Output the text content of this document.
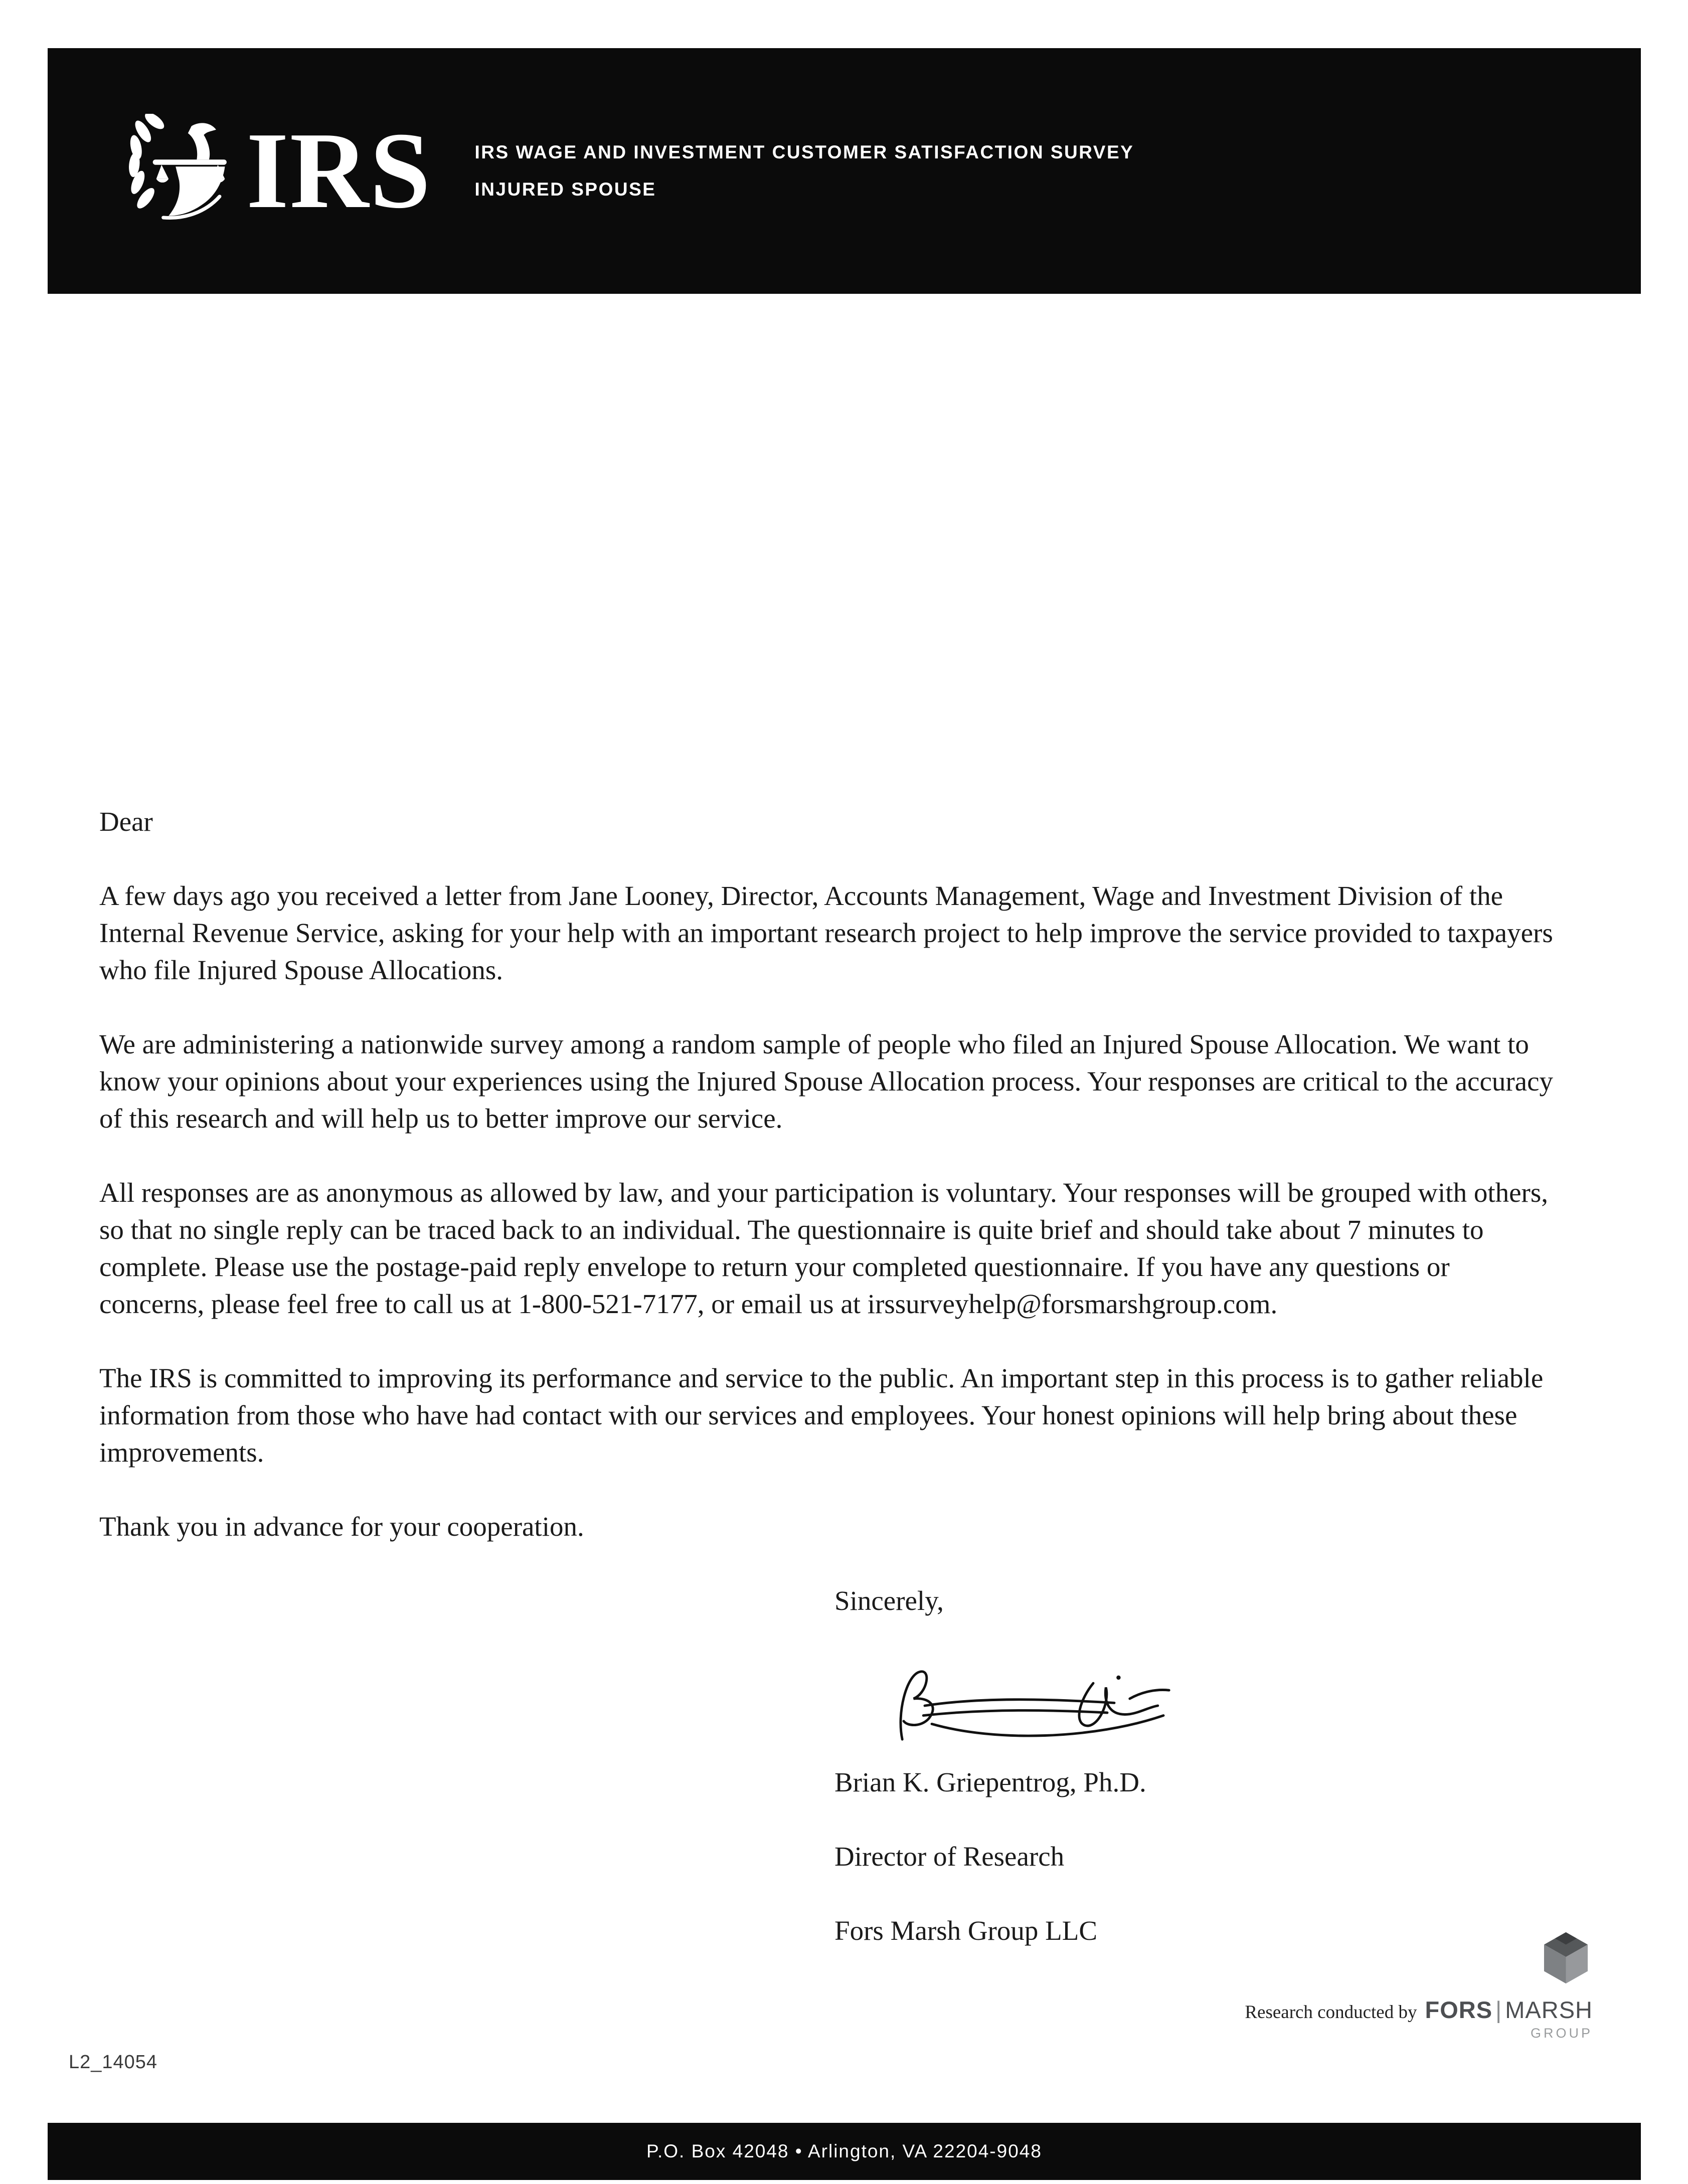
IRS IRS WAGE AND INVESTMENT CUSTOMER SATISFACTION SURVEY
INJURED SPOUSE

Dear

A few days ago you received a letter from Jane Looney, Director, Accounts Management, Wage and Investment Division of the Internal Revenue Service, asking for your help with an important research project to help improve the service provided to taxpayers who file Injured Spouse Allocations.

We are administering a nationwide survey among a random sample of people who filed an Injured Spouse Allocation. We want to know your opinions about your experiences using the Injured Spouse Allocation process. Your responses are critical to the accuracy of this research and will help us to better improve our service.

All responses are as anonymous as allowed by law, and your participation is voluntary. Your responses will be grouped with others, so that no single reply can be traced back to an individual. The questionnaire is quite brief and should take about 7 minutes to complete. Please use the postage-paid reply envelope to return your completed questionnaire. If you have any questions or concerns, please feel free to call us at 1-800-521-7177, or email us at irssurveyhelp@forsmarshgroup.com.

The IRS is committed to improving its performance and service to the public. An important step in this process is to gather reliable information from those who have had contact with our services and employees. Your honest opinions will help bring about these improvements.

Thank you in advance for your cooperation.

Sincerely,

Brian K. Griepentrog, Ph.D.

Director of Research

Fors Marsh Group LLC

Research conducted by FORS | MARSH
GROUP
L2_14054
P.O. Box 42048 • Arlington, VA 22204-9048
